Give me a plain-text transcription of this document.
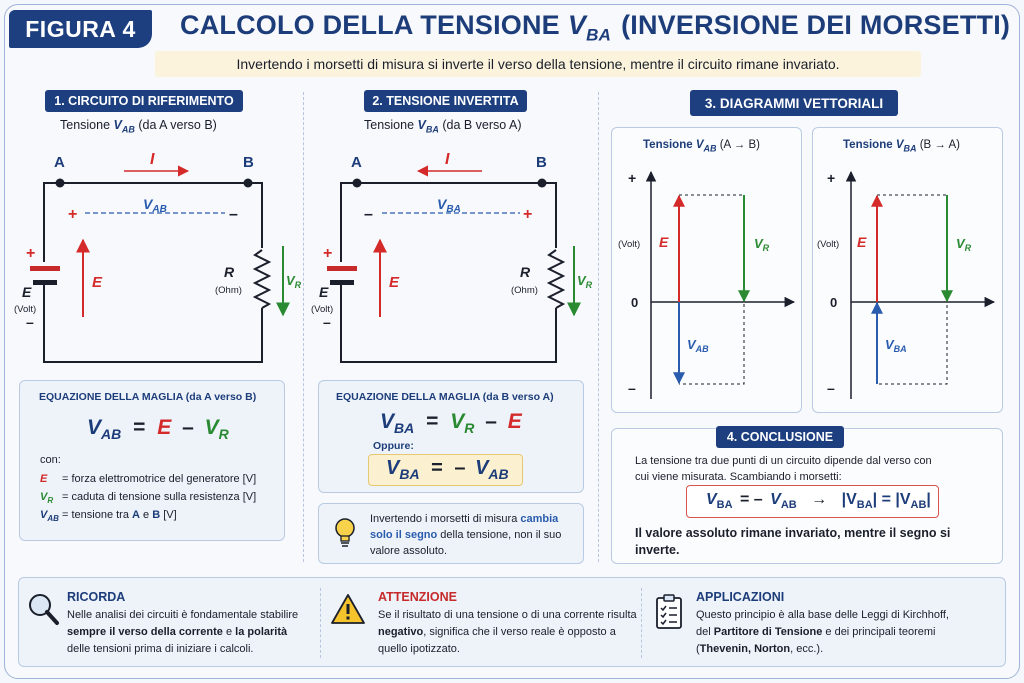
FIGURA 4 CALCOLO DELLA TENSIONE $V_{BA}$ (INVERSIONE DEI MORSETTI)
Invertendo i morsetti di misura si inverte il verso della tensione, mentre il circuito rimane invariato.
1. CIRCUITO DI RIFERIMENTO
Tensione $V_{AB}$ (da A verso B)
A	B
I
+	–
$V_{AB}$
+
E
(Volt)
–
E
R
(Ohm)
$V_R$
EQUAZIONE DELLA MAGLIA (da A verso B)
$V_{AB} = E - V_R$
con:
E = forza elettromotrice del generatore [V]
$V_R$ = caduta di tensione sulla resistenza [V]
$V_{AB}$ = tensione tra A e B [V]
2. TENSIONE INVERTITA
Tensione $V_{BA}$ (da B verso A)
A	B
I
–	+
$V_{BA}$
+
E
(Volt)
–
E
R
(Ohm)
$V_R$
EQUAZIONE DELLA MAGLIA (da B verso A)
$V_{BA} = V_R - E$
Oppure:
$V_{BA}$ = – $V_{AB}$
Invertendo i morsetti di misura cambia solo il segno della tensione, non il suo valore assoluto.
3. DIAGRAMMI VETTORIALI
Tensione $V_{AB}$ (A → B)	Tensione $V_{BA}$ (B → A)
+
0
–
(Volt) E	$V_R$
$V_{AB}$
+
0
–
(Volt) E	$V_R$
$V_{BA}$
4. CONCLUSIONE
La tensione tra due punti di un circuito dipende dal verso con cui viene misurata. Scambiando i morsetti:
$V_{BA}$ = – $V_{AB} \to |V_{BA}| = |V_{AB}|$
Il valore assoluto rimane invariato, mentre il segno si inverte.
RICORDA
Nelle analisi dei circuiti è fondamentale stabilire
sempre il verso della corrente e la polarità
delle tensioni prima di iniziare i calcoli.
ATTENZIONE
Se il risultato di una tensione o di una corrente risulta
negativo, significa che il verso reale è opposto a
quello ipotizzato.
APPLICAZIONI
Questo principio è alla base delle Leggi di Kirchhoff,
del Partitore di Tensione e dei principali teoremi
(Thevenin, Norton, ecc.).
